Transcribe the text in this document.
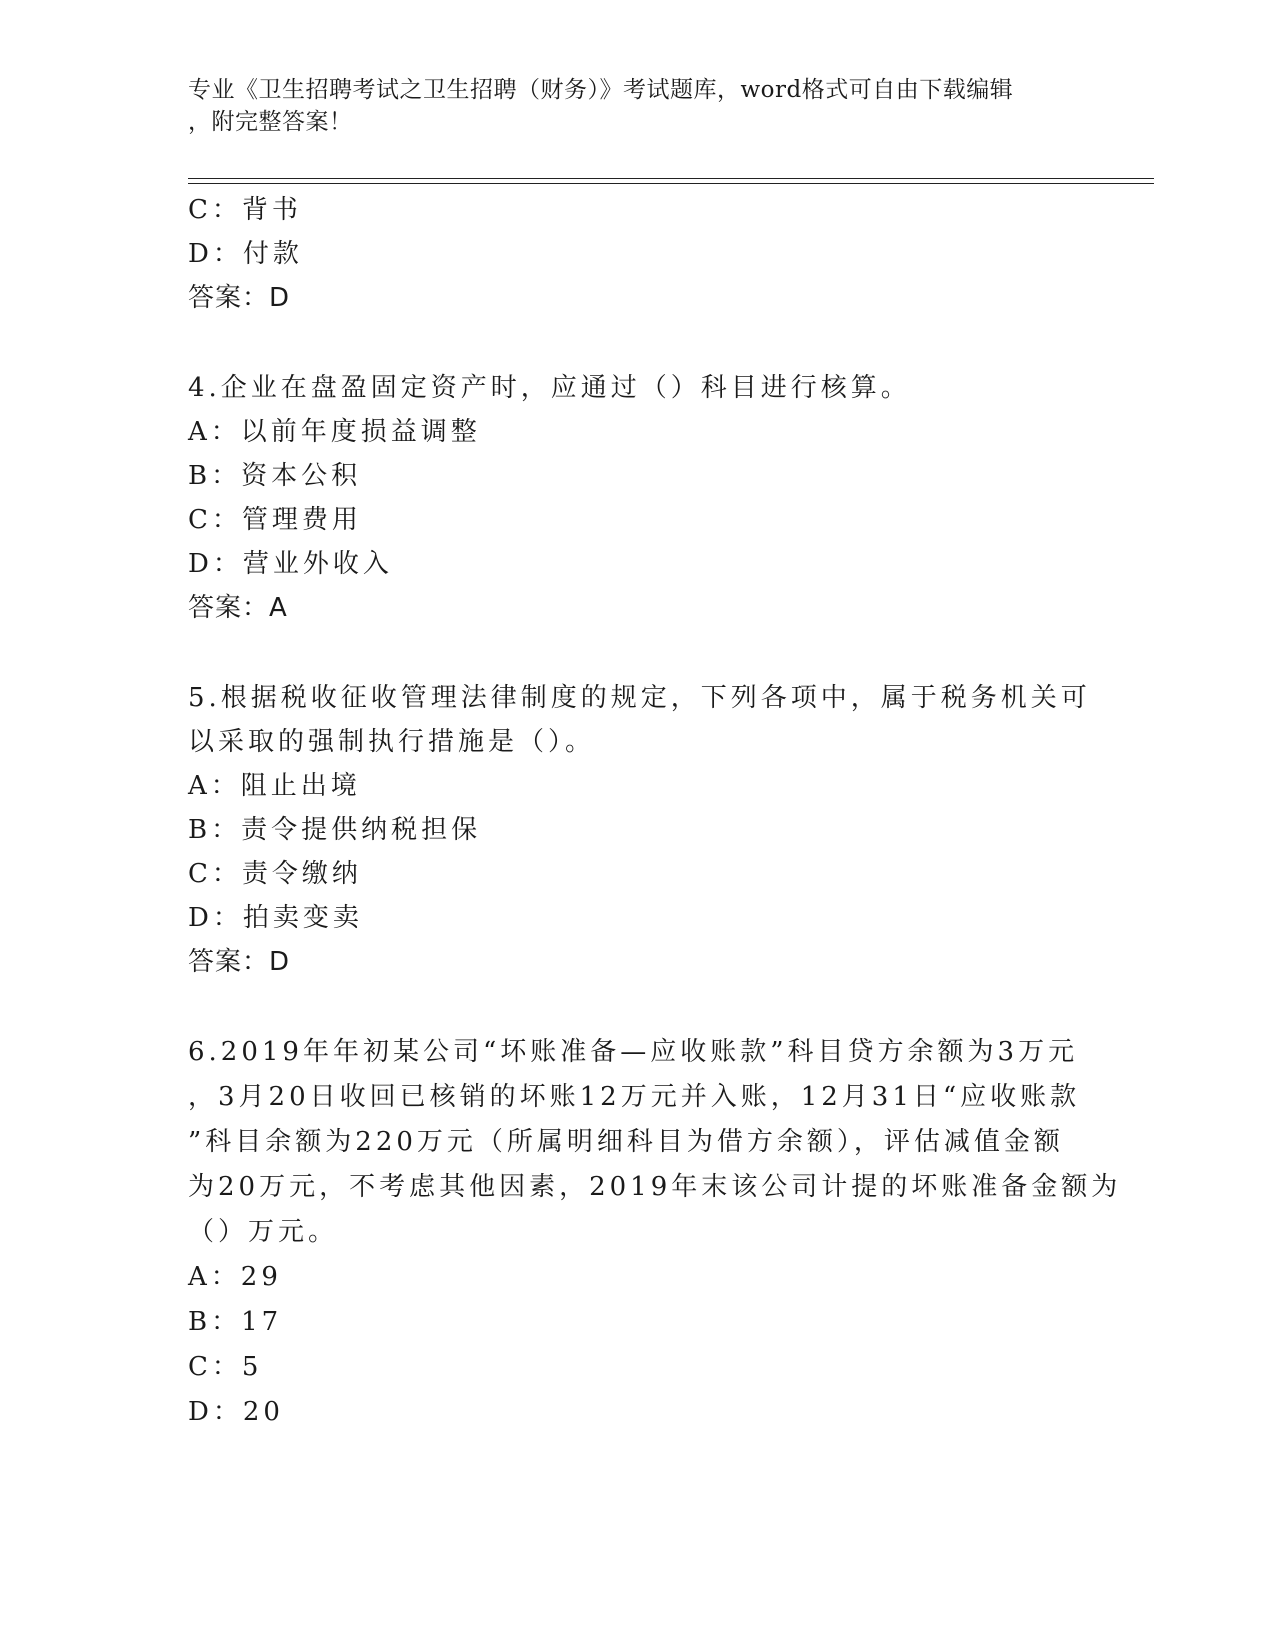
专业《卫生招聘考试之卫生招聘（财务）》考试题库，word格式可自由下载编辑
，附完整答案！
C：背书
D：付款
答案：D
4.企业在盘盈固定资产时，应通过（）科目进行核算。
A：以前年度损益调整
B：资本公积
C：管理费用
D：营业外收入
答案：A
5.根据税收征收管理法律制度的规定，下列各项中，属于税务机关可
以采取的强制执行措施是（）。
A：阻止出境
B：责令提供纳税担保
C：责令缴纳
D：拍卖变卖
答案：D
6.2019年年初某公司“坏账准备—应收账款”科目贷方余额为3万元
，3月20日收回已核销的坏账12万元并入账，12月31日“应收账款
”科目余额为220万元（所属明细科目为借方余额），评估减值金额
为20万元，不考虑其他因素，2019年末该公司计提的坏账准备金额为
（）万元。
A：29
B：17
C：5
D：20
